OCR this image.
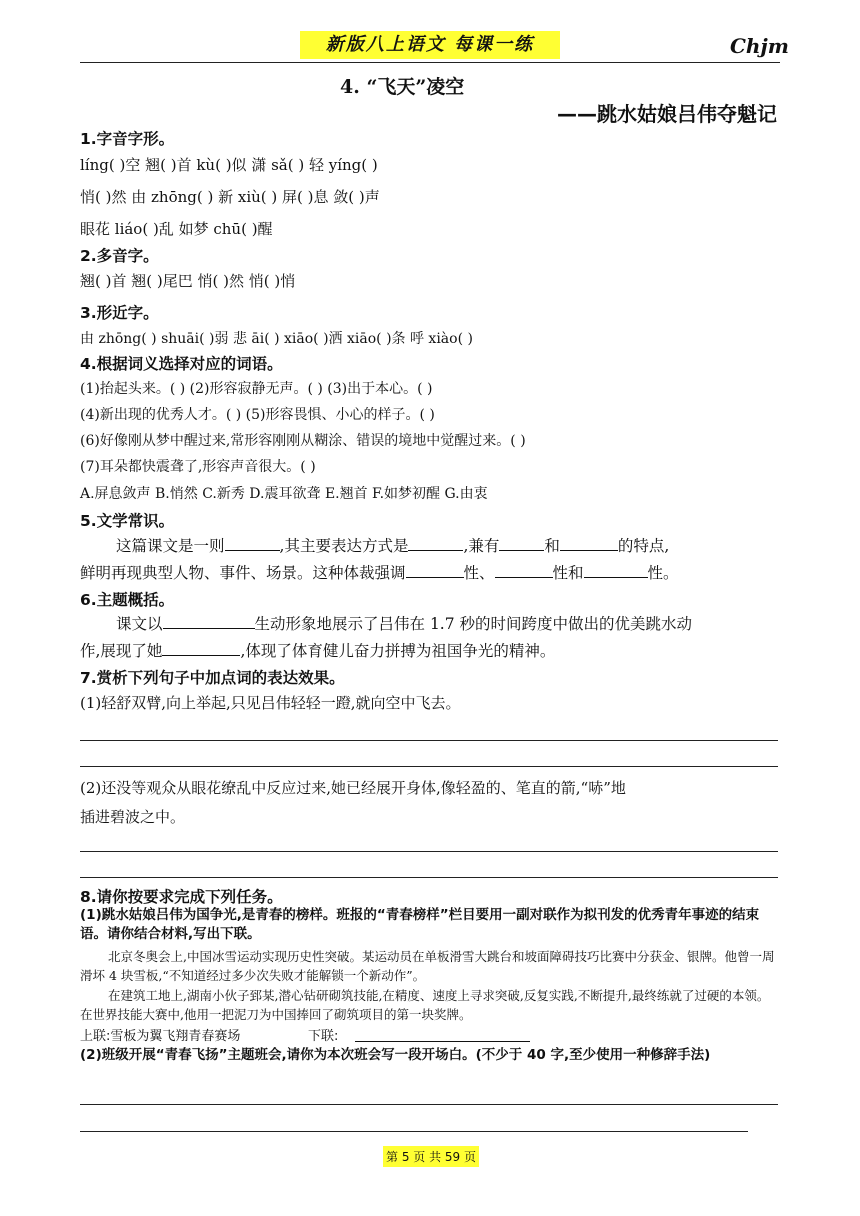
新版八上语文 每课一练	Chjm
4. “飞天”凌空
——跳水姑娘吕伟夺魁记
1.字音字形。
líng( )空 翘( )首 kù( )似 潇 sǎ( ) 轻 yíng( )
悄( )然 由 zhōng( ) 新 xiù( ) 屏( )息 敛( )声
眼花 liáo( )乱 如梦 chū( )醒
2.多音字。
翘( )首 翘( )尾巴 悄( )然 悄( )悄
3.形近字。
由 zhōng( ) shuāi( )弱 悲 āi( ) xiāo( )洒 xiāo( )条 呼 xiào( )
4.根据词义选择对应的词语。
(1)抬起头来。( ) (2)形容寂静无声。( ) (3)出于本心。( )
(4)新出现的优秀人才。( ) (5)形容畏惧、小心的样子。( )
(6)好像刚从梦中醒过来,常形容刚刚从糊涂、错误的境地中觉醒过来。( )
(7)耳朵都快震聋了,形容声音很大。( )
A.屏息敛声 B.悄然 C.新秀 D.震耳欲聋 E.翘首 F.如梦初醒 G.由衷
5.文学常识。
这篇课文是一则	,其主要表达方式是	,兼有	和	的特点,
鲜明再现典型人物、事件、场景。这种体裁强调	性、	性和	性。
6.主题概括。
课文以	生动形象地展示了吕伟在 1.7 秒的时间跨度中做出的优美跳水动
作,展现了她	,体现了体育健儿奋力拼搏为祖国争光的精神。
7.赏析下列句子中加点词的表达效果。
(1)轻舒双臂,向上举起,只见吕伟轻轻一蹬,就向空中飞去。
(2)还没等观众从眼花缭乱中反应过来,她已经展开身体,像轻盈的、笔直的箭,“哧”地
插进碧波之中。
8.请你按要求完成下列任务。
(1)跳水姑娘吕伟为国争光,是青春的榜样。班报的“青春榜样”栏目要用一副对联作为拟刊发的优秀青年事迹的结束语。请你结合材料,写出下联。
北京冬奥会上,中国冰雪运动实现历史性突破。某运动员在单板滑雪大跳台和坡面障碍技巧比赛中分获金、银牌。他曾一周滑坏 4 块雪板,“不知道经过多少次失败才能解锁一个新动作”。
在建筑工地上,湖南小伙子郅某,潜心钻研砌筑技能,在精度、速度上寻求突破,反复实践,不断提升,最终练就了过硬的本领。在世界技能大赛中,他用一把泥刀为中国捧回了砌筑项目的第一块奖牌。
上联:雪板为翼飞翔青春赛场	下联:
(2)班级开展“青春飞扬”主题班会,请你为本次班会写一段开场白。(不少于 40 字,至少使用一种修辞手法)
第 5 页 共 59 页
